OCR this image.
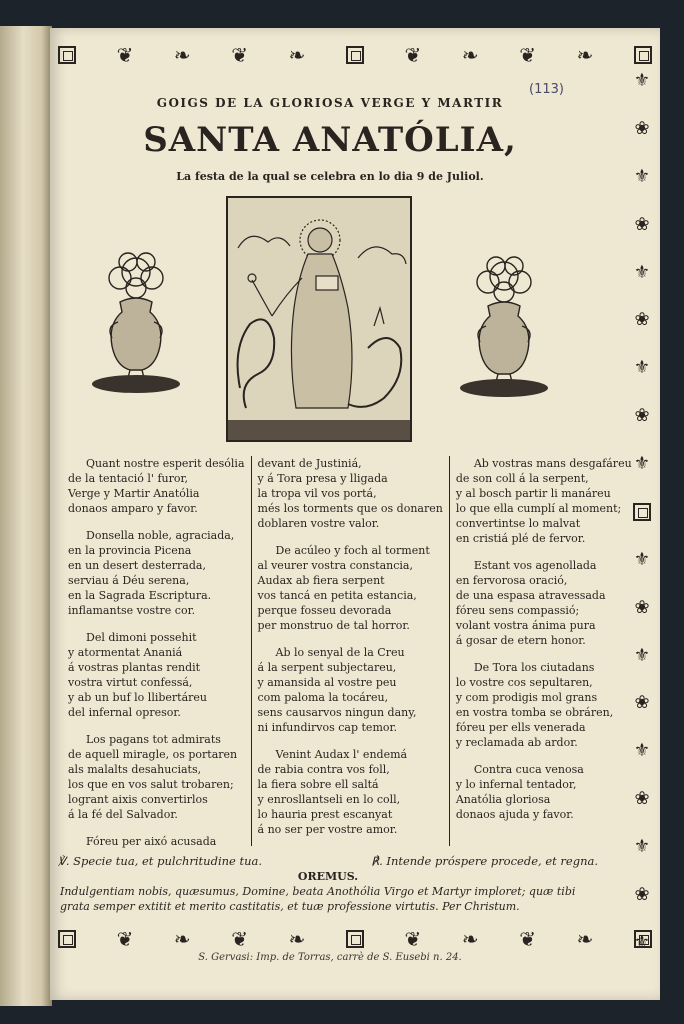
❦ ❧ ❦ ❧	❦ ❧ ❦ ❧
⚜
❀
⚜
❀
⚜
❀
⚜
❀
⚜
⚜
❀
⚜
❀
⚜
❀
⚜
❀
⚜
(113)
GOIGS DE LA GLORIOSA VERGE Y MARTIR
SANTA ANATÓLIA,
La festa de la qual se celebra en lo dia 9 de Juliol.
Quant nostre esperit desólia
de la tentació l' furor,
Verge y Martir Anatólia
donaos amparo y favor.
Donsella noble, agraciada,
en la provincia Picena
en un desert desterrada,
serviau á Déu serena,
en la Sagrada Escriptura.
inflamantse vostre cor.
Del dimoni possehit
y atormentat Ananiá
á vostras plantas rendit
vostra virtut confessá,
y ab un buf lo llibertáreu
del infernal opresor.
Los pagans tot admirats
de aquell miragle, os portaren
als malalts desahuciats,
los que en vos salut trobaren;
logrant aixis convertirlos
á la fé del Salvador.
Fóreu per aixó acusada
devant de Justiniá,
y á Tora presa y lligada
la tropa vil vos portá,
més los torments que os donaren
doblaren vostre valor.
De acúleo y foch al torment
al veurer vostra constancia,
Audax ab fiera serpent
vos tancá en petita estancia,
perque fosseu devorada
per monstruo de tal horror.
Ab lo senyal de la Creu
á la serpent subjectareu,
y amansida al vostre peu
com paloma la tocáreu,
sens causarvos ningun dany,
ni infundirvos cap temor.
Venint Audax l' endemá
de rabia contra vos foll,
la fiera sobre ell saltá
y enrosllantseli en lo coll,
lo hauria prest escanyat
á no ser per vostre amor.
Ab vostras mans desgafáreu
de son coll á la serpent,
y al bosch partir li manáreu
lo que ella cumplí al moment;
convertintse lo malvat
en cristiá plé de fervor.
Estant vos agenollada
en fervorosa oració,
de una espasa atravessada
fóreu sens compassió;
volant vostra ánima pura
á gosar de etern honor.
De Tora los ciutadans
lo vostre cos sepultaren,
y com prodigis mol grans
en vostra tomba se obráren,
fóreu per ells venerada
y reclamada ab ardor.
Contra cuca venosa
y lo infernal tentador,
Anatólia gloriosa
donaos ajuda y favor.
℣. Specie tua, et pulchritudine tua.	℟. Intende próspere procede, et regna.
OREMUS.
Indulgentiam nobis, quæsumus, Domine, beata Anothólia Virgo et Martyr imploret; quæ tibi grata semper extitit et merito castitatis, et tuæ professione virtutis. Per Christum.
❦ ❧ ❦ ❧	❦ ❧ ❦ ❧
S. Gervasi: Imp. de Torras, carrè de S. Eusebi n. 24.
